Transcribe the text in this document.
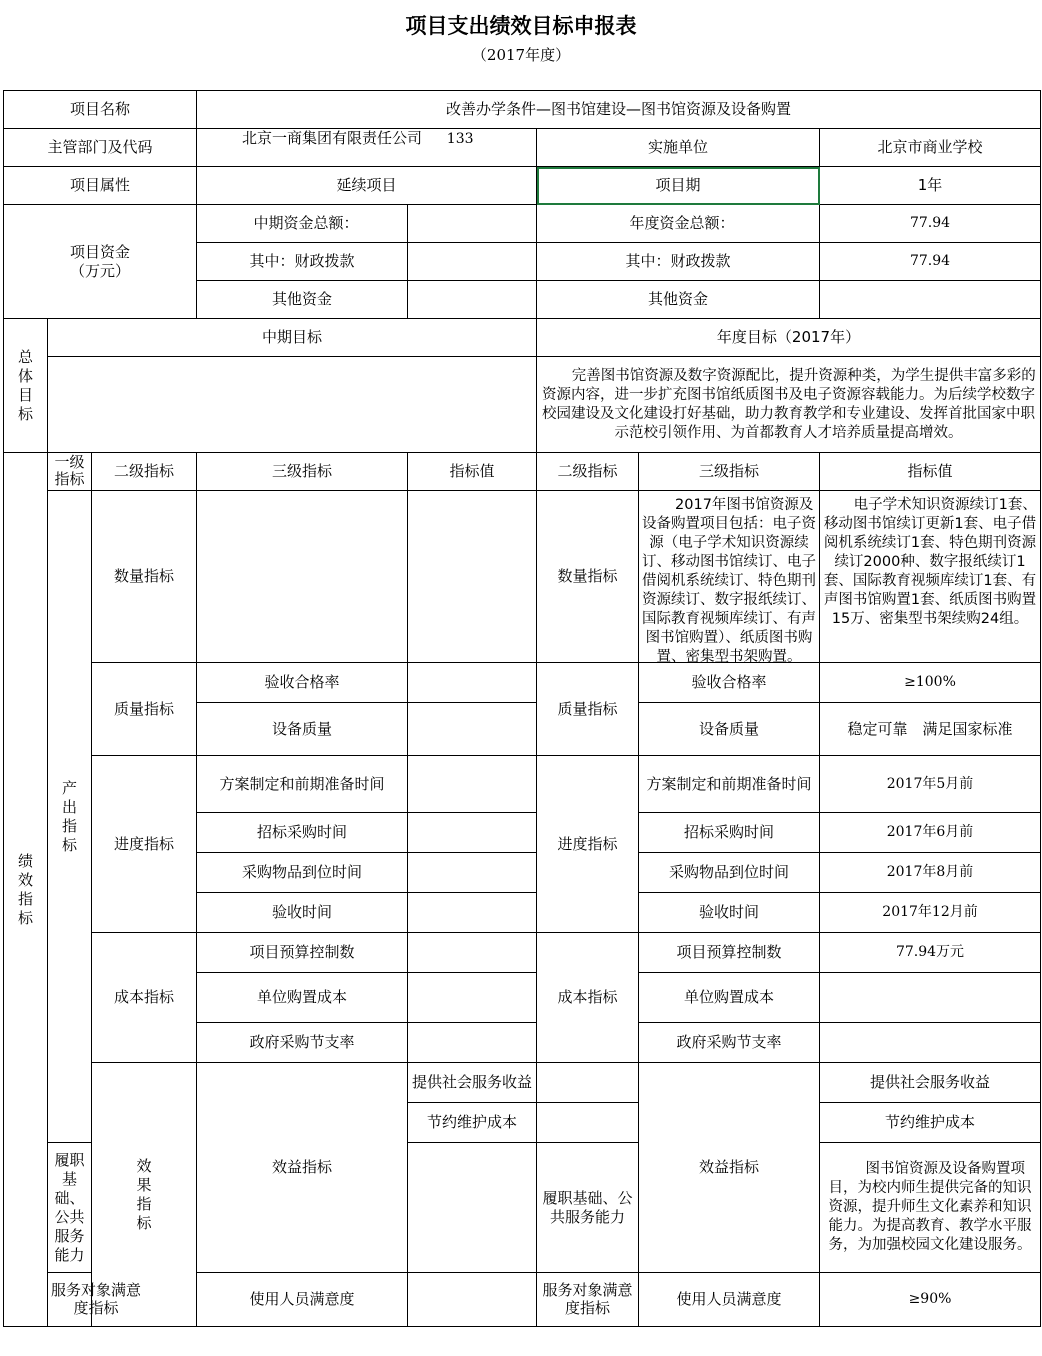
项目支出绩效目标申报表
（2017年度）
项目名称			改善办学条件—图书馆建设—图书馆资源及设备购置					
主管部门及代码			北京一商集团有限责任公司 133		实施单位		北京市商业学校	
项目属性			延续项目		项目期		1年	
项目资金
（万元）			中期资金总额：		年度资金总额：		77.94	
			其中：财政拨款		其中：财政拨款		77.94	
			其他资金		其他资金			
总体目标	中期目标				年度目标（2017年）			

					完善图书馆资源及数字资源配比，提升资源种类，为学生提供丰富多彩的资源内容，进一步扩充图书馆纸质图书及电子资源容载能力。为后续学校数字校园建设及文化建设打好基础，助力教育教学和专业建设、发挥首批国家中职示范校引领作用、为首都教育人才培养质量提高增效。			

绩效指标	一级指标	二级指标	三级指标	指标值	二级指标	三级指标	指标值	
	产出指标	数量指标			数量指标	2017年图书馆资源及设备购置项目包括：电子资源（电子学术知识资源续订、移动图书馆续订、电子借阅机系统续订、特色期刊资源续订、数字报纸续订、国际教育视频库续订、有声图书馆购置）、纸质图书购置、密集型书架购置。	电子学术知识资源续订1套、移动图书馆续订更新1套、电子借阅机系统续订1套、特色期刊资源续订2000种、数字报纸续订1套、国际教育视频库续订1套、有声图书馆购置1套、纸质图书购置15万、密集型书架续购24组。	

		质量指标	验收合格率		质量指标	验收合格率	≥100%	
			设备质量			设备质量	稳定可靠　满足国家标准	
		进度指标	方案制定和前期准备时间		进度指标	方案制定和前期准备时间	2017年5月前	
			招标采购时间			招标采购时间	2017年6月前	
			采购物品到位时间			采购物品到位时间	2017年8月前	
			验收时间			验收时间	2017年12月前	
		成本指标	项目预算控制数		成本指标	项目预算控制数	77.94万元	
			单位购置成本			单位购置成本		
			政府采购节支率			政府采购节支率		
		效果指标	效益指标	提供社会服务收益		效益指标	提供社会服务收益	
				节约维护成本			节约维护成本	
	履职基础、公共服务能力				履职基础、公共服务能力		图书馆资源及设备购置项目，为校内师生提供完备的知识资源，提升师生文化素养和知识能力。为提高教育、教学水平服务，为加强校园文化建设服务。	

	服务对象满意度指标		使用人员满意度		服务对象满意度指标	使用人员满意度	≥90%	
